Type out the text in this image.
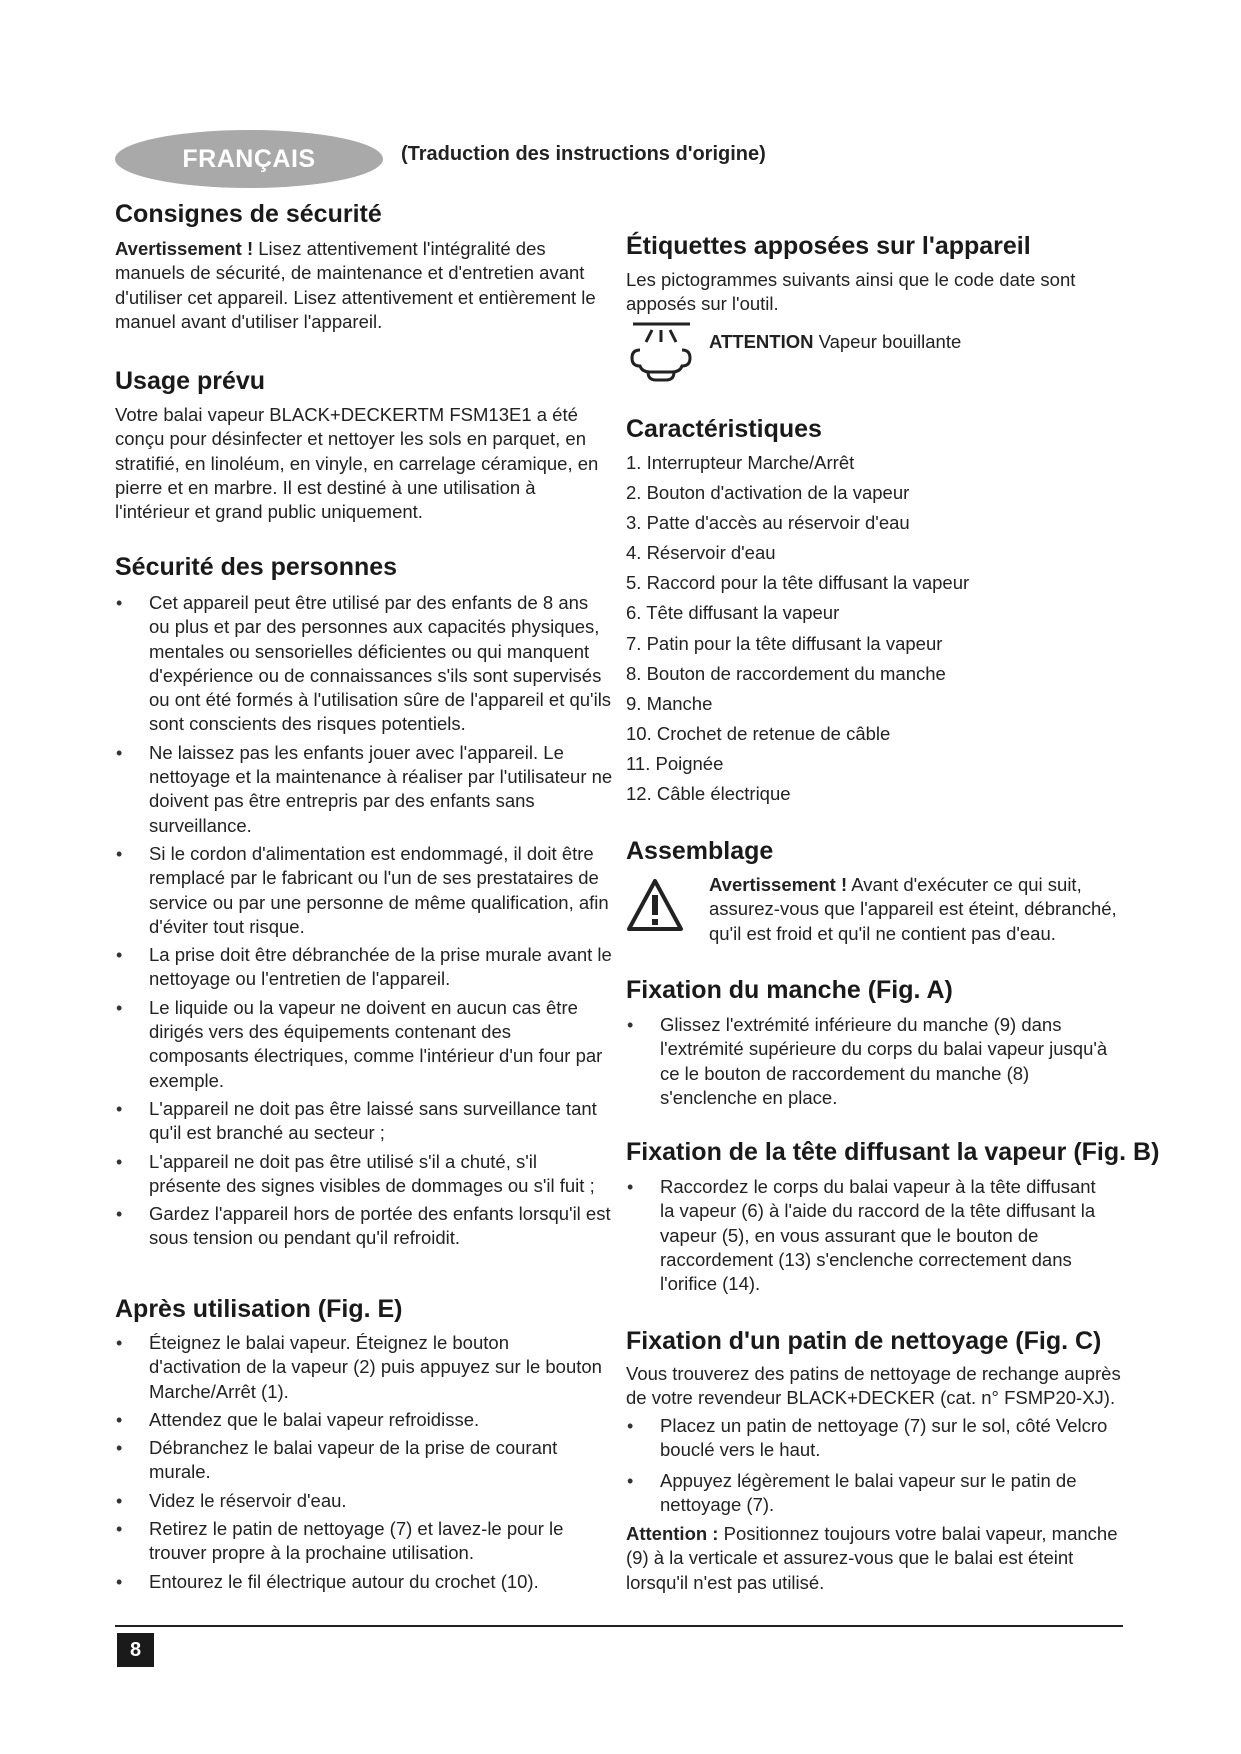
FRANÇAIS	(Traduction des instructions d'origine)
Consignes de sécurité

Avertissement ! Lisez attentivement l'intégralité des manuels de sécurité, de maintenance et d'entretien avant d'utiliser cet appareil. Lisez attentivement et entièrement le manuel avant d'utiliser l'appareil.

Usage prévu

Votre balai vapeur BLACK+DECKERTM FSM13E1 a été conçu pour désinfecter et nettoyer les sols en parquet, en stratifié, en linoléum, en vinyle, en carrelage céramique, en pierre et en marbre. Il est destiné à une utilisation à l'intérieur et grand public uniquement.

Sécurité des personnes
• Cet appareil peut être utilisé par des enfants de 8 ans ou plus et par des personnes aux capacités physiques, mentales ou sensorielles déficientes ou qui manquent d'expérience ou de connaissances s'ils sont supervisés ou ont été formés à l'utilisation sûre de l'appareil et qu'ils sont conscients des risques potentiels.
• Ne laissez pas les enfants jouer avec l'appareil. Le nettoyage et la maintenance à réaliser par l'utilisateur ne doivent pas être entrepris par des enfants sans surveillance.
• Si le cordon d'alimentation est endommagé, il doit être remplacé par le fabricant ou l'un de ses prestataires de service ou par une personne de même qualification, afin d'éviter tout risque.
• La prise doit être débranchée de la prise murale avant le nettoyage ou l'entretien de l'appareil.
• Le liquide ou la vapeur ne doivent en aucun cas être dirigés vers des équipements contenant des composants électriques, comme l'intérieur d'un four par exemple.
• L'appareil ne doit pas être laissé sans surveillance tant qu'il est branché au secteur ;
• L'appareil ne doit pas être utilisé s'il a chuté, s'il présente des signes visibles de dommages ou s'il fuit ;
• Gardez l'appareil hors de portée des enfants lorsqu'il est sous tension ou pendant qu'il refroidit.
Après utilisation (Fig. E)
• Éteignez le balai vapeur. Éteignez le bouton d'activation de la vapeur (2) puis appuyez sur le bouton Marche/Arrêt (1).
• Attendez que le balai vapeur refroidisse.
• Débranchez le balai vapeur de la prise de courant murale.
• Videz le réservoir d'eau.
• Retirez le patin de nettoyage (7) et lavez-le pour le trouver propre à la prochaine utilisation.
• Entourez le fil électrique autour du crochet (10).
Étiquettes apposées sur l'appareil

Les pictogrammes suivants ainsi que le code date sont apposés sur l'outil.

ATTENTION Vapeur bouillante
Caractéristiques
1. Interrupteur Marche/Arrêt
2. Bouton d'activation de la vapeur
3. Patte d'accès au réservoir d'eau
4. Réservoir d'eau
5. Raccord pour la tête diffusant la vapeur
6. Tête diffusant la vapeur
7. Patin pour la tête diffusant la vapeur
8. Bouton de raccordement du manche
9. Manche
10. Crochet de retenue de câble
11. Poignée
12. Câble électrique
Assemblage
Avertissement ! Avant d'exécuter ce qui suit, assurez-vous que l'appareil est éteint, débranché, qu'il est froid et qu'il ne contient pas d'eau.
Fixation du manche (Fig. A)
• Glissez l'extrémité inférieure du manche (9) dans l'extrémité supérieure du corps du balai vapeur jusqu'à ce le bouton de raccordement du manche (8) s'enclenche en place.
Fixation de la tête diffusant la vapeur (Fig. B)
• Raccordez le corps du balai vapeur à la tête diffusant la vapeur (6) à l'aide du raccord de la tête diffusant la vapeur (5), en vous assurant que le bouton de raccordement (13) s'enclenche correctement dans l'orifice (14).
Fixation d'un patin de nettoyage (Fig. C)

Vous trouverez des patins de nettoyage de rechange auprès de votre revendeur BLACK+DECKER (cat. n° FSMP20-XJ).

• Placez un patin de nettoyage (7) sur le sol, côté Velcro bouclé vers le haut.
• Appuyez légèrement le balai vapeur sur le patin de nettoyage (7).

Attention : Positionnez toujours votre balai vapeur, manche (9) à la verticale et assurez-vous que le balai est éteint lorsqu'il n'est pas utilisé.

8
